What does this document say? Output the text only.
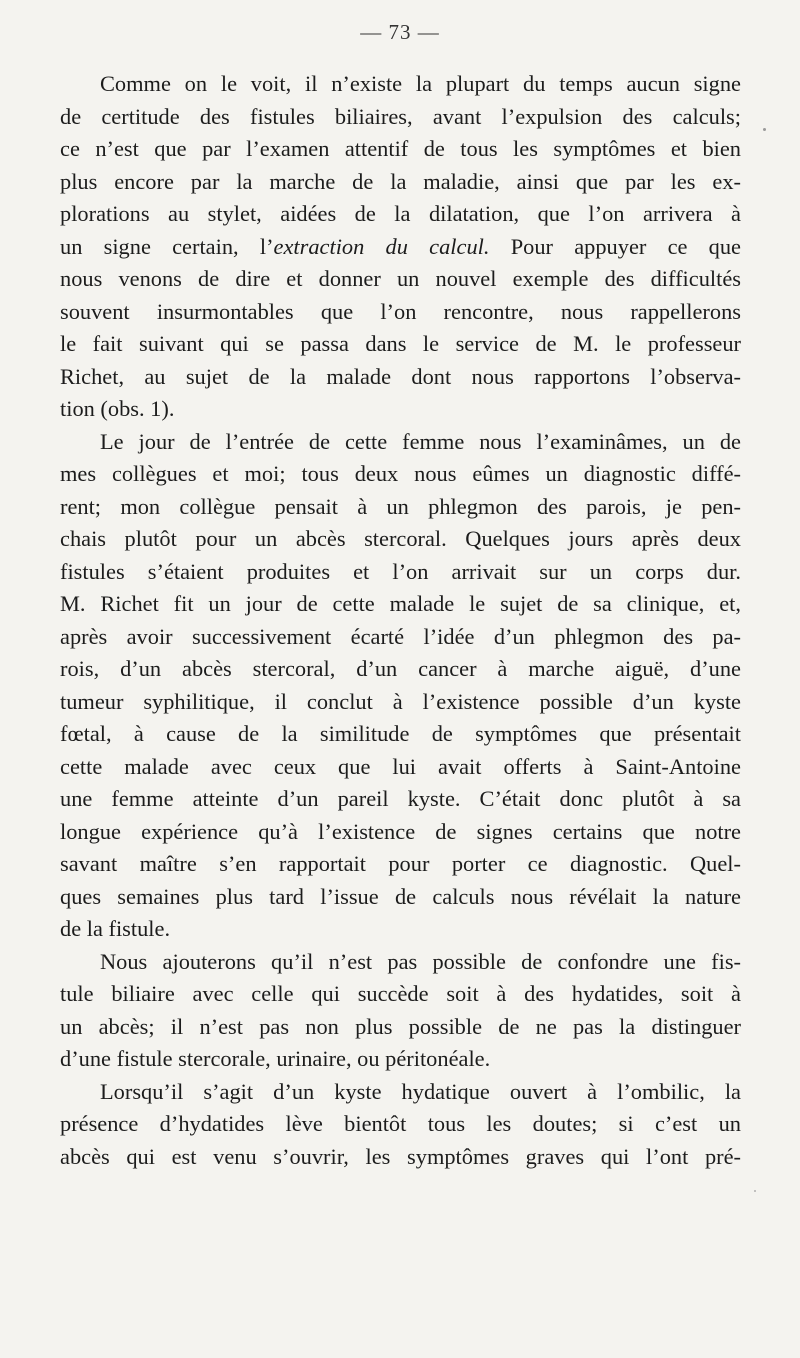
— 73 —
Comme on le voit, il n’existe la plupart du temps aucun signe
de certitude des fistules biliaires, avant l’expulsion des calculs;
ce n’est que par l’examen attentif de tous les symptômes et bien
plus encore par la marche de la maladie, ainsi que par les ex-
plorations au stylet, aidées de la dilatation, que l’on arrivera à
un signe certain, l’extraction du calcul. Pour appuyer ce que
nous venons de dire et donner un nouvel exemple des difficultés
souvent insurmontables que l’on rencontre, nous rappellerons
le fait suivant qui se passa dans le service de M. le professeur
Richet, au sujet de la malade dont nous rapportons l’observa-
tion (obs. 1).
Le jour de l’entrée de cette femme nous l’examinâmes, un de
mes collègues et moi; tous deux nous eûmes un diagnostic diffé-
rent; mon collègue pensait à un phlegmon des parois, je pen-
chais plutôt pour un abcès stercoral. Quelques jours après deux
fistules s’étaient produites et l’on arrivait sur un corps dur.
M. Richet fit un jour de cette malade le sujet de sa clinique, et,
après avoir successivement écarté l’idée d’un phlegmon des pa-
rois, d’un abcès stercoral, d’un cancer à marche aiguë, d’une
tumeur syphilitique, il conclut à l’existence possible d’un kyste
fœtal, à cause de la similitude de symptômes que présentait
cette malade avec ceux que lui avait offerts à Saint-Antoine
une femme atteinte d’un pareil kyste. C’était donc plutôt à sa
longue expérience qu’à l’existence de signes certains que notre
savant maître s’en rapportait pour porter ce diagnostic. Quel-
ques semaines plus tard l’issue de calculs nous révélait la nature
de la fistule.
Nous ajouterons qu’il n’est pas possible de confondre une fis-
tule biliaire avec celle qui succède soit à des hydatides, soit à
un abcès; il n’est pas non plus possible de ne pas la distinguer
d’une fistule stercorale, urinaire, ou péritonéale.
Lorsqu’il s’agit d’un kyste hydatique ouvert à l’ombilic, la
présence d’hydatides lève bientôt tous les doutes; si c’est un
abcès qui est venu s’ouvrir, les symptômes graves qui l’ont pré-
